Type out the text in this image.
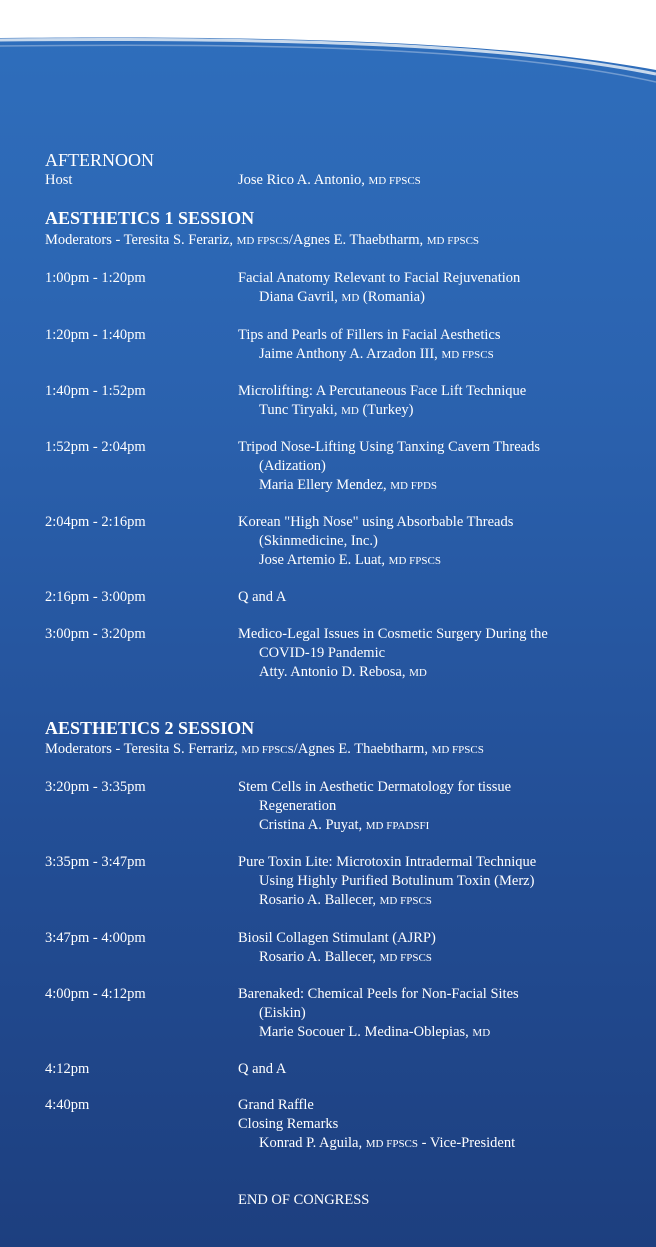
AFTERNOON
Host	Jose Rico A. Antonio, MD FPSCS
AESTHETICS 1 SESSION
Moderators - Teresita S. Ferariz, MD FPSCS/Agnes E. Thaebtharm, MD FPSCS
1:00pm - 1:20pm	Facial Anatomy Relevant to Facial Rejuvenation
Diana Gavril, MD (Romania)
1:20pm - 1:40pm	Tips and Pearls of Fillers in Facial Aesthetics
Jaime Anthony A. Arzadon III, MD FPSCS
1:40pm - 1:52pm	Microlifting: A Percutaneous Face Lift Technique
Tunc Tiryaki, MD (Turkey)
1:52pm - 2:04pm	Tripod Nose-Lifting Using Tanxing Cavern Threads
(Adization)
Maria Ellery Mendez, MD FPDS
2:04pm - 2:16pm	Korean "High Nose" using Absorbable Threads
(Skinmedicine, Inc.)
Jose Artemio E. Luat, MD FPSCS
2:16pm - 3:00pm	Q and A
3:00pm - 3:20pm	Medico-Legal Issues in Cosmetic Surgery During the
COVID-19 Pandemic
Atty. Antonio D. Rebosa, MD
AESTHETICS 2 SESSION
Moderators - Teresita S. Ferrariz, MD FPSCS/Agnes E. Thaebtharm, MD FPSCS
3:20pm - 3:35pm	Stem Cells in Aesthetic Dermatology for tissue
Regeneration
Cristina A. Puyat, MD FPADSFI
3:35pm - 3:47pm	Pure Toxin Lite: Microtoxin Intradermal Technique
Using Highly Purified Botulinum Toxin (Merz)
Rosario A. Ballecer, MD FPSCS
3:47pm - 4:00pm	Biosil Collagen Stimulant (AJRP)
Rosario A. Ballecer, MD FPSCS
4:00pm - 4:12pm	Barenaked: Chemical Peels for Non-Facial Sites
(Eiskin)
Marie Socouer L. Medina-Oblepias, MD
4:12pm	Q and A
4:40pm	Grand Raffle
Closing Remarks
Konrad P. Aguila, MD FPSCS - Vice-President
END OF CONGRESS
